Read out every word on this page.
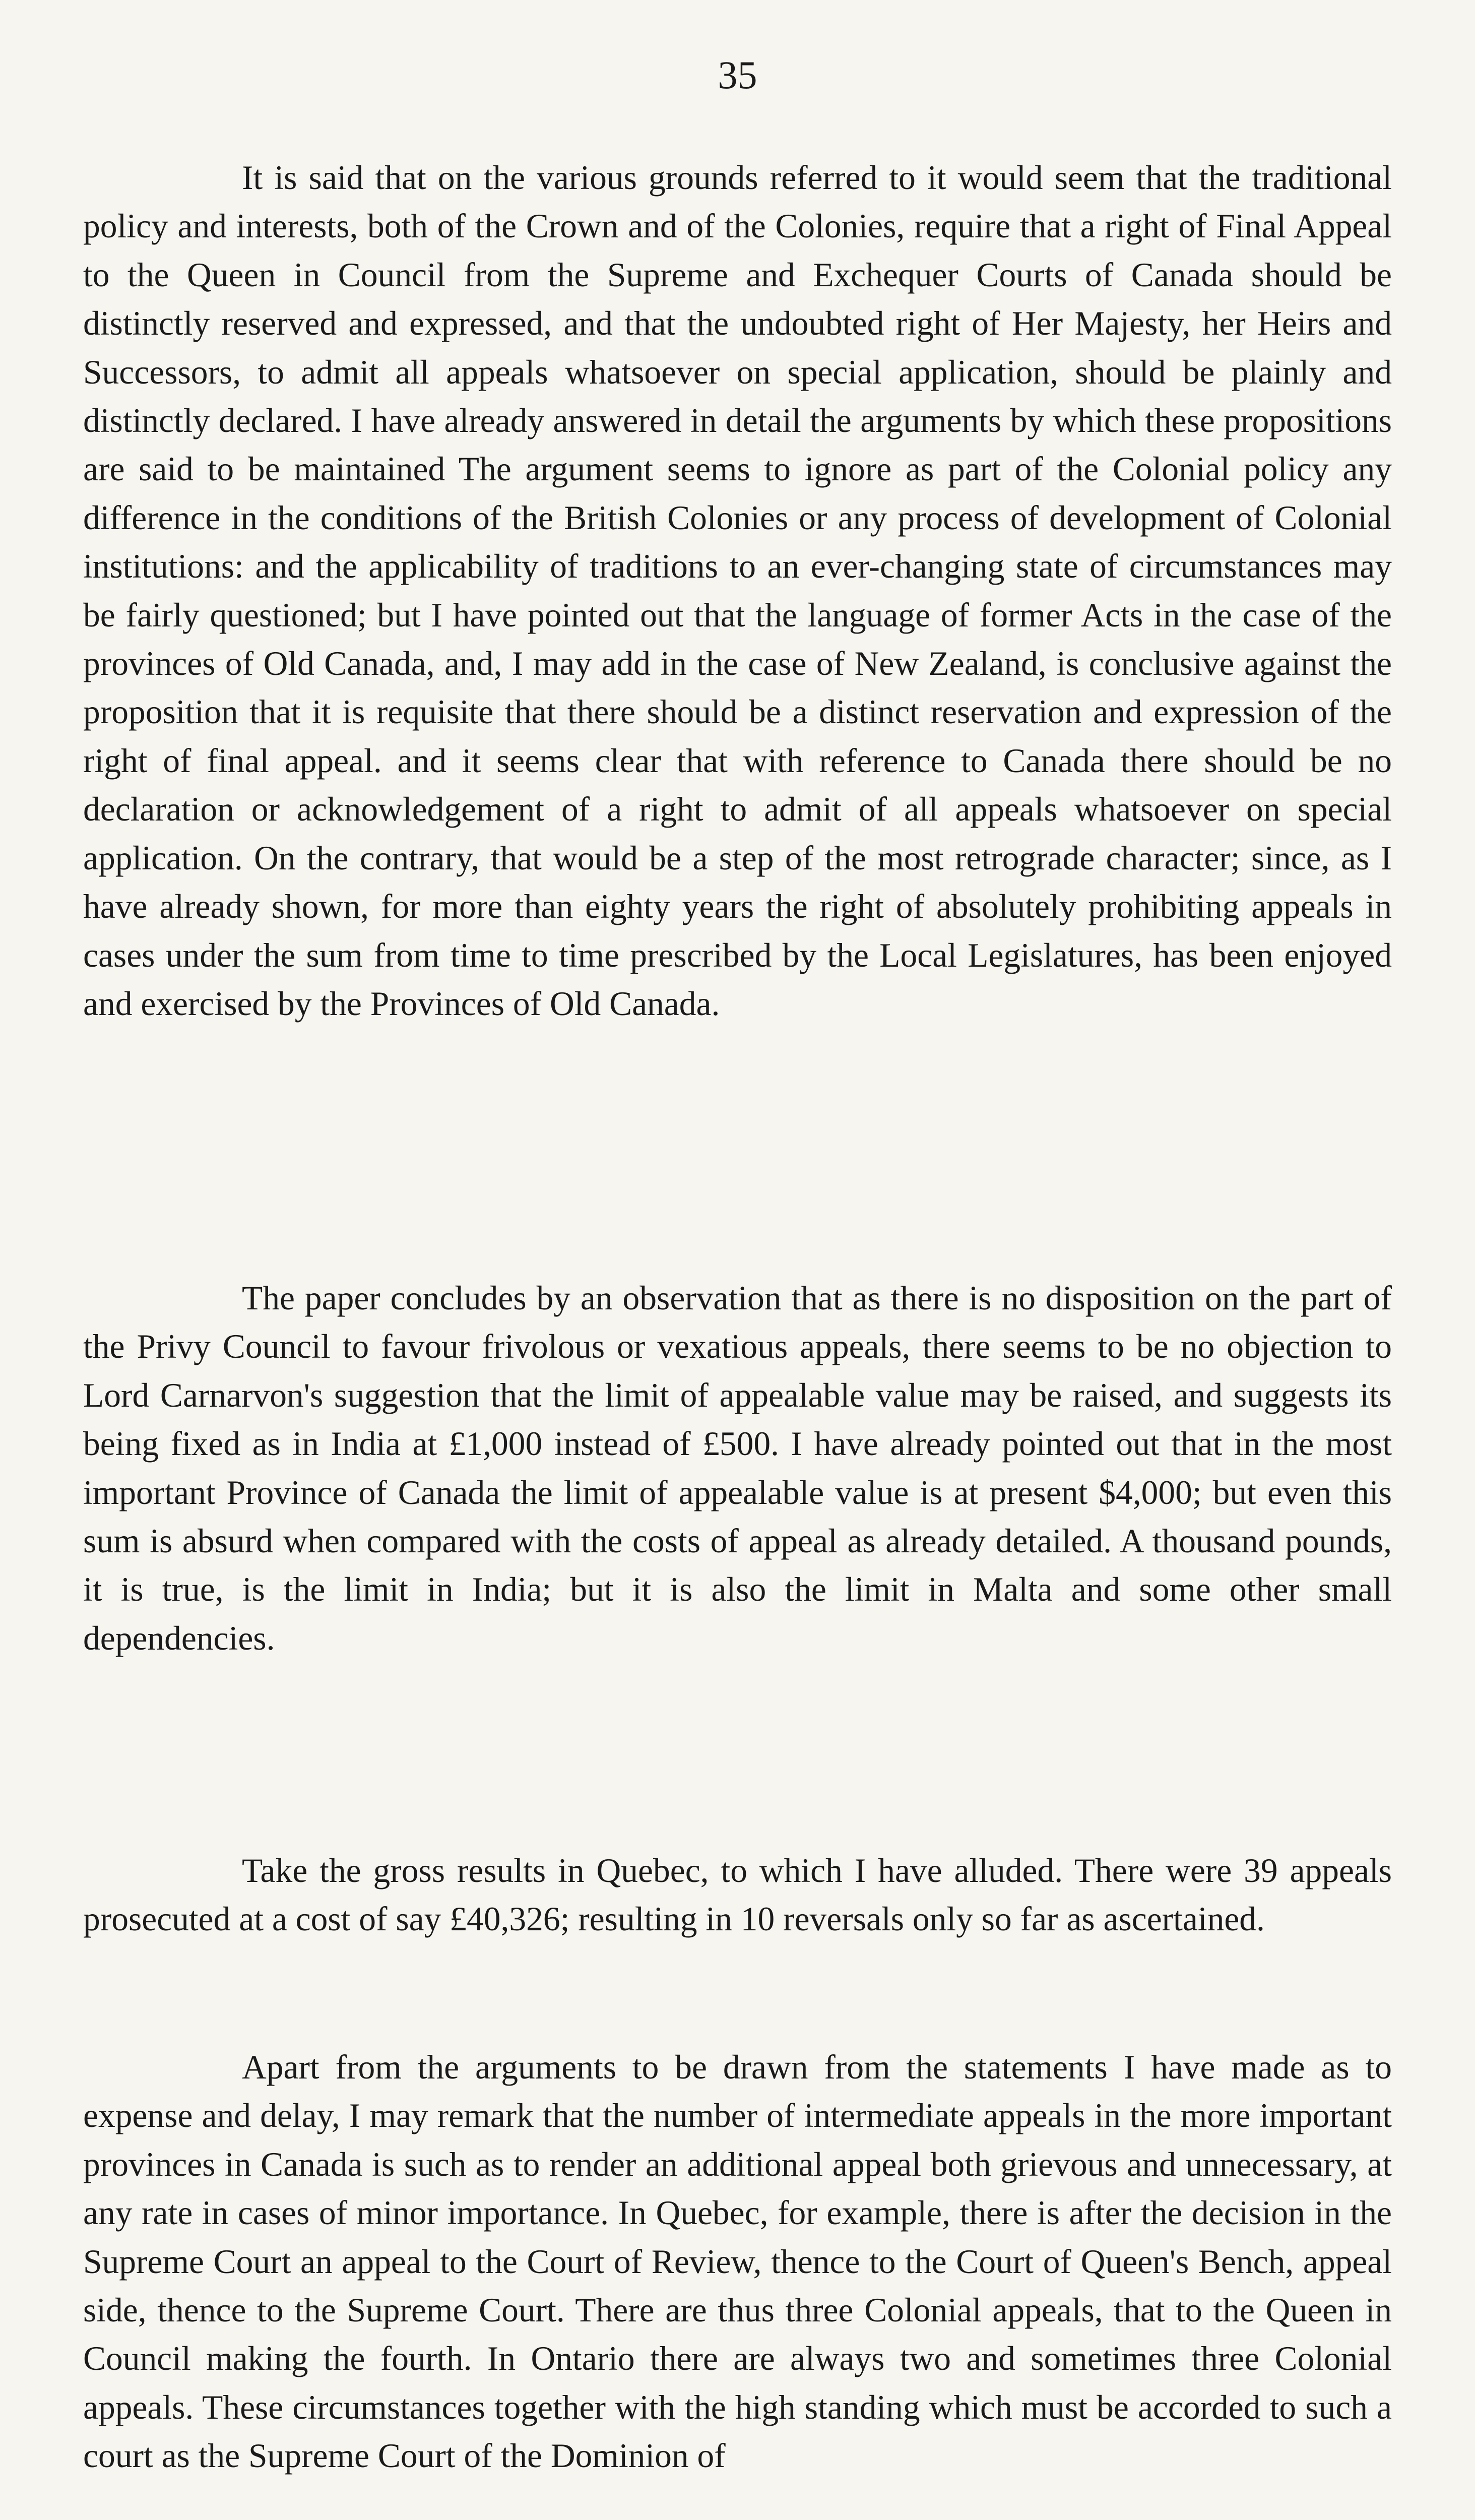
35

It is said that on the various grounds referred to it would seem that the traditional policy and interests, both of the Crown and of the Colonies, require that a right of Final Appeal to the Queen in Council from the Supreme and Exchequer Courts of Canada should be distinctly reserved and expressed, and that the undoubted right of Her Majesty, her Heirs and Successors, to admit all appeals whatsoever on special application, should be plainly and distinctly declared. I have already answered in detail the arguments by which these propositions are said to be maintained The argument seems to ignore as part of the Colonial policy any difference in the conditions of the British Colonies or any process of development of Colonial institutions: and the applicability of traditions to an ever-changing state of circumstances may be fairly questioned; but I have pointed out that the language of former Acts in the case of the provinces of Old Canada, and, I may add in the case of New Zealand, is conclusive against the proposition that it is requisite that there should be a distinct reservation and expression of the right of final appeal. and it seems clear that with reference to Canada there should be no declaration or acknowledgement of a right to admit of all appeals whatsoever on special application. On the contrary, that would be a step of the most retrograde character; since, as I have already shown, for more than eighty years the right of absolutely prohibiting appeals in cases under the sum from time to time prescribed by the Local Legislatures, has been enjoyed and exercised by the Provinces of Old Canada.

The paper concludes by an observation that as there is no disposition on the part of the Privy Council to favour frivolous or vexatious appeals, there seems to be no objection to Lord Carnarvon's suggestion that the limit of appealable value may be raised, and suggests its being fixed as in India at £1,000 instead of £500. I have already pointed out that in the most important Province of Canada the limit of appealable value is at present $4,000; but even this sum is absurd when compared with the costs of appeal as already detailed. A thousand pounds, it is true, is the limit in India; but it is also the limit in Malta and some other small dependencies.

Take the gross results in Quebec, to which I have alluded. There were 39 appeals prosecuted at a cost of say £40,326; resulting in 10 reversals only so far as ascertained.

Apart from the arguments to be drawn from the statements I have made as to expense and delay, I may remark that the number of intermediate appeals in the more important provinces in Canada is such as to render an additional appeal both grievous and unnecessary, at any rate in cases of minor importance. In Quebec, for example, there is after the decision in the Supreme Court an appeal to the Court of Review, thence to the Court of Queen's Bench, appeal side, thence to the Supreme Court. There are thus three Colonial appeals, that to the Queen in Council making the fourth. In Ontario there are always two and sometimes three Colonial appeals. These circumstances together with the high standing which must be accorded to such a court as the Supreme Court of the Dominion of
